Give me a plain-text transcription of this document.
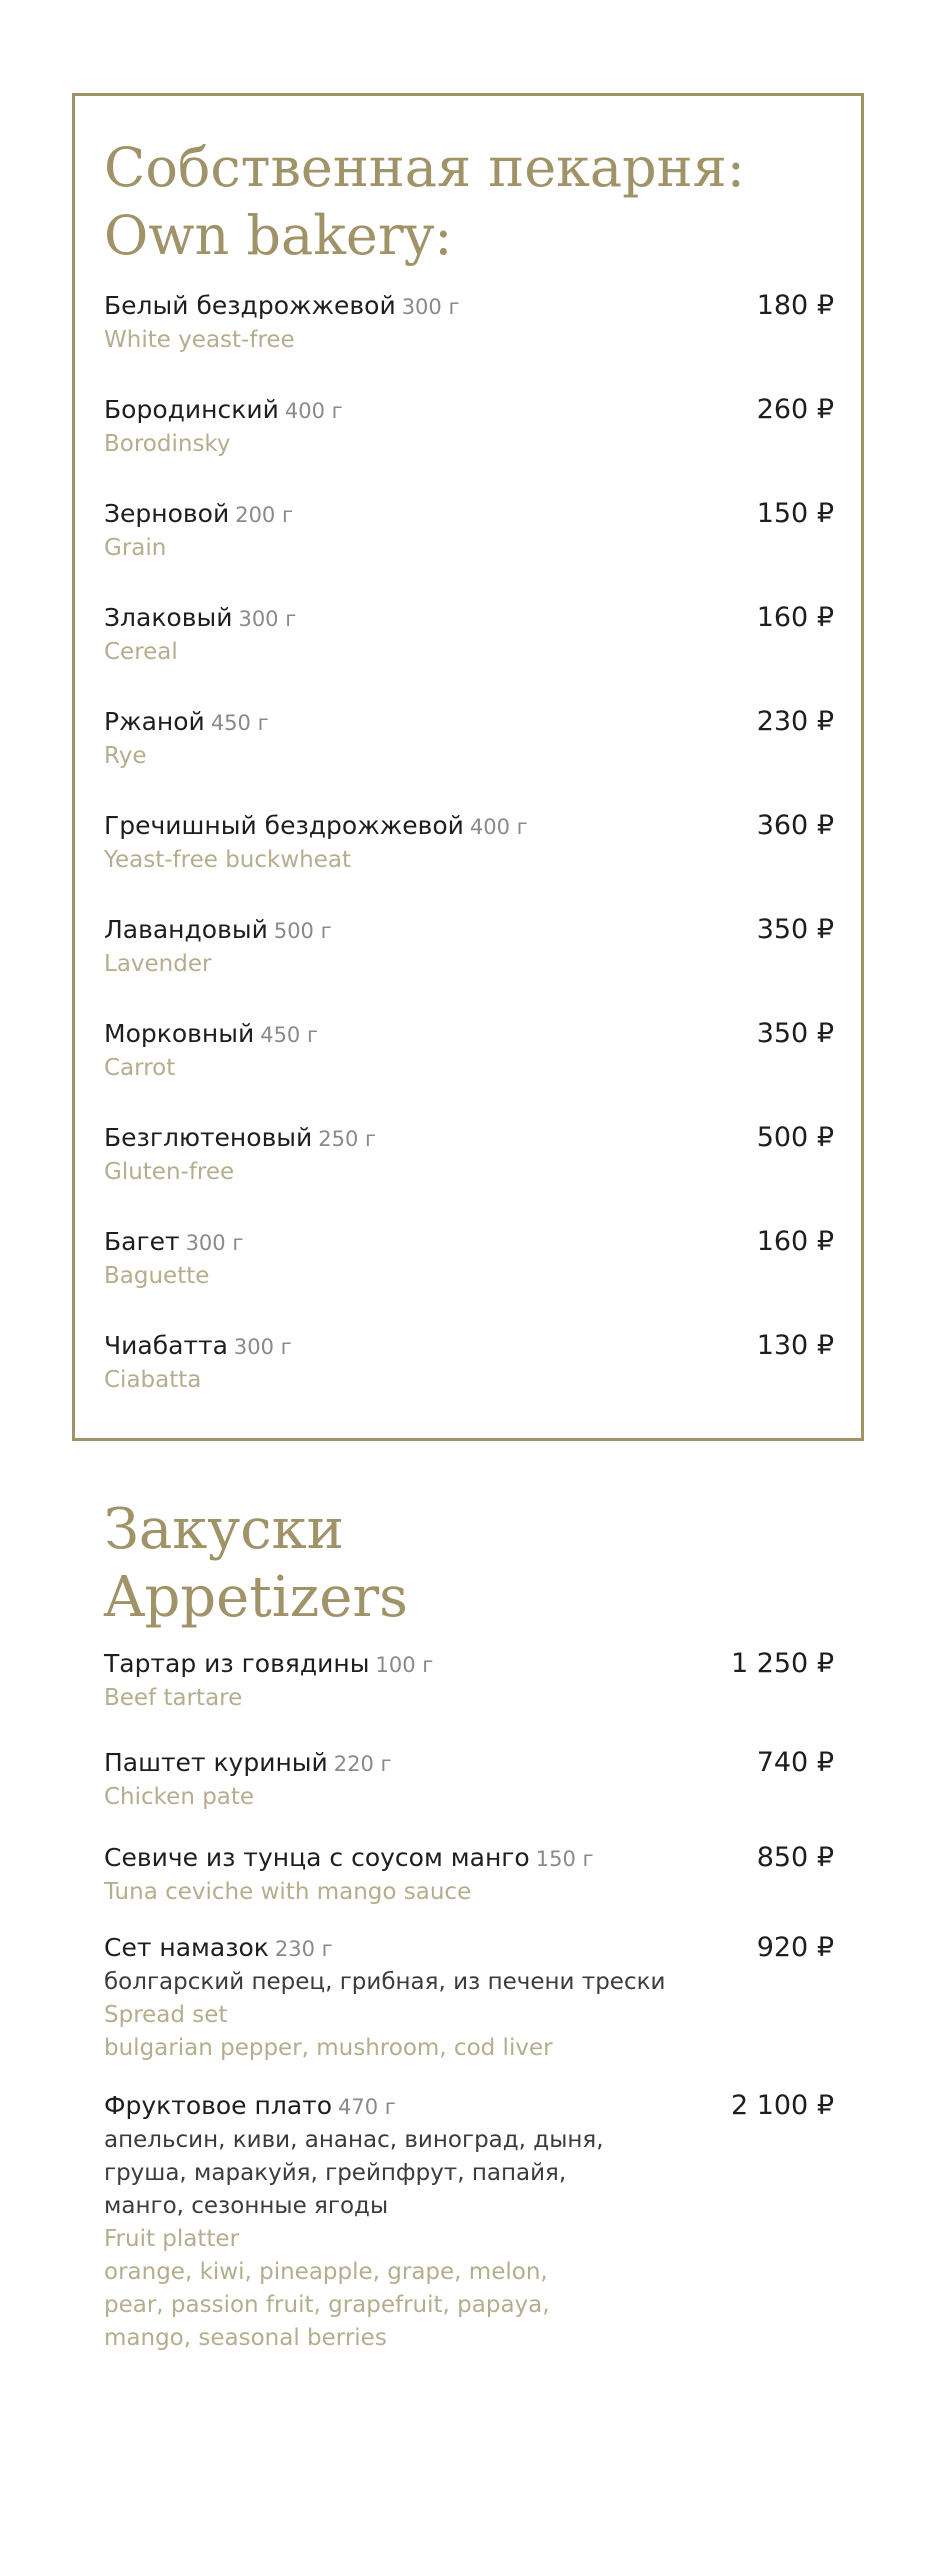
Собственная пекарня:
Own bakery:
Белый бездрожжевой 300 г	180 ₽
White yeast-free
Бородинский 400 г	260 ₽
Borodinsky
Зерновой 200 г	150 ₽
Grain
Злаковый 300 г	160 ₽
Cereal
Ржаной 450 г	230 ₽
Rye
Гречишный бездрожжевой 400 г	360 ₽
Yeast-free buckwheat
Лавандовый 500 г	350 ₽
Lavender
Морковный 450 г	350 ₽
Carrot
Безглютеновый 250 г	500 ₽
Gluten-free
Багет 300 г	160 ₽
Baguette
Чиабатта 300 г	130 ₽
Ciabatta
Закуски
Appetizers
Тартар из говядины 100 г	1 250 ₽
Beef tartare
Паштет куриный 220 г	740 ₽
Chicken pate
Севиче из тунца с соусом манго 150 г	850 ₽
Tuna ceviche with mango sauce
Сет намазок 230 г	920 ₽
болгарский перец, грибная, из печени трески
Spread set
bulgarian pepper, mushroom, cod liver
Фруктовое плато 470 г	2 100 ₽
апельсин, киви, ананас, виноград, дыня,
груша, маракуйя, грейпфрут, папайя,
манго, сезонные ягоды
Fruit platter
orange, kiwi, pineapple, grape, melon,
pear, passion fruit, grapefruit, papaya,
mango, seasonal berries
